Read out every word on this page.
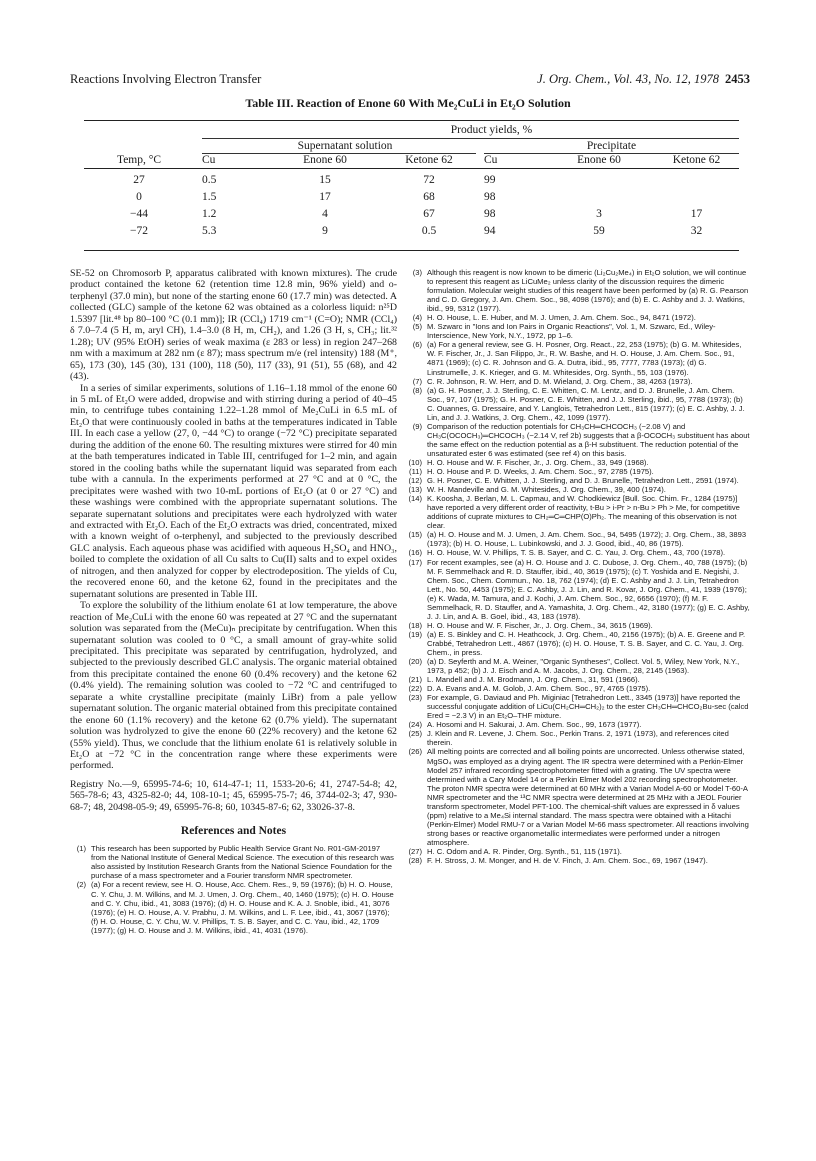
Reactions Involving Electron Transfer	J. Org. Chem., Vol. 43, No. 12, 1978 2453
Table III. Reaction of Enone 60 With Me₂CuLi in Et₂O Solution
Product yields, %
Supernatant solution	Precipitate
Temp, °C	Cu	Enone 60	Ketone 62	Cu	Enone 60	Ketone 62
27	0.5	15	72	99
0	1.5	17	68	98
−44	1.2	4	67	98	3	17
−72	5.3	9	0.5	94	59	32

SE-52 on Chromosorb P, apparatus calibrated with known mixtures). The crude product contained the ketone 62 (retention time 12.8 min, 96% yield) and o-terphenyl (37.0 min), but none of the starting enone 60 (17.7 min) was detected. A collected (GLC) sample of the ketone 62 was obtained as a colorless liquid: n²⁵D 1.5397 [lit.⁴⁸ bp 80–100 °C (0.1 mm)]; IR (CCl₄) 1719 cm⁻¹ (C=O); NMR (CCl₄) δ 7.0–7.4 (5 H, m, aryl CH), 1.4–3.0 (8 H, m, CH₂), and 1.26 (3 H, s, CH₃; lit.³² 1.28); UV (95% EtOH) series of weak maxima (ε 283 or less) in region 247–268 nm with a maximum at 282 nm (ε 87); mass spectrum m/e (rel intensity) 188 (M⁺, 65), 173 (30), 145 (30), 131 (100), 118 (50), 117 (33), 91 (51), 55 (68), and 42 (43).

In a series of similar experiments, solutions of 1.16–1.18 mmol of the enone 60 in 5 mL of Et₂O were added, dropwise and with stirring during a period of 40–45 min, to centrifuge tubes containing 1.22–1.28 mmol of Me₂CuLi in 6.5 mL of Et₂O that were continuously cooled in baths at the temperatures indicated in Table III. In each case a yellow (27, 0, −44 °C) to orange (−72 °C) precipitate separated during the addition of the enone 60. The resulting mixtures were stirred for 40 min at the bath temperatures indicated in Table III, centrifuged for 1–2 min, and again stored in the cooling baths while the supernatant liquid was separated from each tube with a cannula. In the experiments performed at 27 °C and at 0 °C, the precipitates were washed with two 10-mL portions of Et₂O (at 0 or 27 °C) and these washings were combined with the appropriate supernatant solutions. The separate supernatant solutions and precipitates were each hydrolyzed with water and extracted with Et₂O. Each of the Et₂O extracts was dried, concentrated, mixed with a known weight of o-terphenyl, and subjected to the previously described GLC analysis. Each aqueous phase was acidified with aqueous H₂SO₄ and HNO₃, boiled to complete the oxidation of all Cu salts to Cu(II) salts and to expel oxides of nitrogen, and then analyzed for copper by electrodeposition. The yields of Cu, the recovered enone 60, and the ketone 62, found in the precipitates and the supernatant solutions are presented in Table III.

To explore the solubility of the lithium enolate 61 at low temperature, the above reaction of Me₂CuLi with the enone 60 was repeated at 27 °C and the supernatant solution was separated from the (MeCu)ₙ precipitate by centrifugation. When this supernatant solution was cooled to 0 °C, a small amount of gray-white solid precipitated. This precipitate was separated by centrifugation, hydrolyzed, and subjected to the previously described GLC analysis. The organic material obtained from this precipitate contained the enone 60 (0.4% recovery) and the ketone 62 (0.4% yield). The remaining solution was cooled to −72 °C and centrifuged to separate a white crystalline precipitate (mainly LiBr) from a pale yellow supernatant solution. The organic material obtained from this precipitate contained the enone 60 (1.1% recovery) and the ketone 62 (0.7% yield). The supernatant solution was hydrolyzed to give the enone 60 (22% recovery) and the ketone 62 (55% yield). Thus, we conclude that the lithium enolate 61 is relatively soluble in Et₂O at −72 °C in the concentration range where these experiments were performed.

Registry No.—9, 65995-74-6; 10, 614-47-1; 11, 1533-20-6; 41, 2747-54-8; 42, 565-78-6; 43, 4325-82-0; 44, 108-10-1; 45, 65995-75-7; 46, 3744-02-3; 47, 930-68-7; 48, 20498-05-9; 49, 65995-76-8; 60, 10345-87-6; 62, 33026-37-8.

References and Notes
(1) This research has been supported by Public Health Service Grant No. R01-GM-20197 from the National Institute of General Medical Science. The execution of this research was also assisted by Institution Research Grants from the National Science Foundation for the purchase of a mass spectrometer and a Fourier transform NMR spectrometer.
(2) (a) For a recent review, see H. O. House, Acc. Chem. Res., 9, 59 (1976); (b) H. O. House, C. Y. Chu, J. M. Wilkins, and M. J. Umen, J. Org. Chem., 40, 1460 (1975); (c) H. O. House and C. Y. Chu, ibid., 41, 3083 (1976); (d) H. O. House and K. A. J. Snoble, ibid., 41, 3076 (1976); (e) H. O. House, A. V. Prabhu, J. M. Wilkins, and L. F. Lee, ibid., 41, 3067 (1976); (f) H. O. House, C. Y. Chu, W. V. Phillips, T. S. B. Sayer, and C. C. Yau, ibid., 42, 1709 (1977); (g) H. O. House and J. M. Wilkins, ibid., 41, 4031 (1976).
(3) Although this reagent is now known to be dimeric (Li₂Cu₂Me₄) in Et₂O solution, we will continue to represent this reagent as LiCuMe₂ unless clarity of the discussion requires the dimeric formulation. Molecular weight studies of this reagent have been performed by (a) R. G. Pearson and C. D. Gregory, J. Am. Chem. Soc., 98, 4098 (1976); and (b) E. C. Ashby and J. J. Watkins, ibid., 99, 5312 (1977).
(4) H. O. House, L. E. Huber, and M. J. Umen, J. Am. Chem. Soc., 94, 8471 (1972).
(5) M. Szwarc in "Ions and Ion Pairs in Organic Reactions", Vol. 1, M. Szwarc, Ed., Wiley-Interscience, New York, N.Y., 1972, pp 1–6.
(6) (a) For a general review, see G. H. Posner, Org. React., 22, 253 (1975); (b) G. M. Whitesides, W. F. Fischer, Jr., J. San Filippo, Jr., R. W. Bashe, and H. O. House, J. Am. Chem. Soc., 91, 4871 (1969); (c) C. R. Johnson and G. A. Dutra, ibid., 95, 7777, 7783 (1973); (d) G. Linstrumelle, J. K. Krieger, and G. M. Whitesides, Org. Synth., 55, 103 (1976).
(7) C. R. Johnson, R. W. Herr, and D. M. Wieland, J. Org. Chem., 38, 4263 (1973).
(8) (a) G. H. Posner, J. J. Sterling, C. E. Whitten, C. M. Lentz, and D. J. Brunelle, J. Am. Chem. Soc., 97, 107 (1975); G. H. Posner, C. E. Whitten, and J. J. Sterling, ibid., 95, 7788 (1973); (b) C. Ouannes, G. Dressaire, and Y. Langlois, Tetrahedron Lett., 815 (1977); (c) E. C. Ashby, J. J. Lin, and J. J. Watkins, J. Org. Chem., 42, 1099 (1977).
(9) Comparison of the reduction potentials for CH₃CH═CHCOCH₃ (−2.08 V) and CH₃C(OCOCH₃)═CHCOCH₃ (−2.14 V, ref 2b) suggests that a β-OCOCH₃ substituent has about the same effect on the reduction potential as a β-H substituent. The reduction potential of the unsaturated ester 6 was estimated (see ref 4) on this basis.
(10) H. O. House and W. F. Fischer, Jr., J. Org. Chem., 33, 949 (1968).
(11) H. O. House and P. D. Weeks, J. Am. Chem. Soc., 97, 2785 (1975).
(12) G. H. Posner, C. E. Whitten, J. J. Sterling, and D. J. Brunelle, Tetrahedron Lett., 2591 (1974).
(13) W. H. Mandeville and G. M. Whitesides, J. Org. Chem., 39, 400 (1974).
(14) K. Koosha, J. Berlan, M. L. Capmau, and W. Chodkiewicz [Bull. Soc. Chim. Fr., 1284 (1975)] have reported a very different order of reactivity, t-Bu > i-Pr > n-Bu > Ph > Me, for competitive additions of cuprate mixtures to CH₂═C═CHP(O)Ph₂. The meaning of this observation is not clear.
(15) (a) H. O. House and M. J. Umen, J. Am. Chem. Soc., 94, 5495 (1972); J. Org. Chem., 38, 3893 (1973); (b) H. O. House, L. Lubinkowski, and J. J. Good, ibid., 40, 86 (1975).
(16) H. O. House, W. V. Phillips, T. S. B. Sayer, and C. C. Yau, J. Org. Chem., 43, 700 (1978).
(17) For recent examples, see (a) H. O. House and J. C. Dubose, J. Org. Chem., 40, 788 (1975); (b) M. F. Semmelhack and R. D. Stauffer, ibid., 40, 3619 (1975); (c) T. Yoshida and E. Negishi, J. Chem. Soc., Chem. Commun., No. 18, 762 (1974); (d) E. C. Ashby and J. J. Lin, Tetrahedron Lett., No. 50, 4453 (1975); E. C. Ashby, J. J. Lin, and R. Kovar, J. Org. Chem., 41, 1939 (1976); (e) K. Wada, M. Tamura, and J. Kochi, J. Am. Chem. Soc., 92, 6656 (1970); (f) M. F. Semmelhack, R. D. Stauffer, and A. Yamashita, J. Org. Chem., 42, 3180 (1977); (g) E. C. Ashby, J. J. Lin, and A. B. Goel, ibid., 43, 183 (1978).
(18) H. O. House and W. F. Fischer, Jr., J. Org. Chem., 34, 3615 (1969).
(19) (a) E. S. Binkley and C. H. Heathcock, J. Org. Chem., 40, 2156 (1975); (b) A. E. Greene and P. Crabbé, Tetrahedron Lett., 4867 (1976); (c) H. O. House, T. S. B. Sayer, and C. C. Yau, J. Org. Chem., in press.
(20) (a) D. Seyferth and M. A. Weiner, "Organic Syntheses", Collect. Vol. 5, Wiley, New York, N.Y., 1973, p 452; (b) J. J. Eisch and A. M. Jacobs, J. Org. Chem., 28, 2145 (1963).
(21) L. Mandell and J. M. Brodmann, J. Org. Chem., 31, 591 (1966).
(22) D. A. Evans and A. M. Golob, J. Am. Chem. Soc., 97, 4765 (1975).
(23) For example, G. Daviaud and Ph. Miginiac [Tetrahedron Lett., 3345 (1973)] have reported the successful conjugate addition of LiCu(CH₂CH═CH₂)₂ to the ester CH₃CH═CHCO₂Bu-sec (calcd Ered = −2.3 V) in an Et₂O–THF mixture.
(24) A. Hosomi and H. Sakurai, J. Am. Chem. Soc., 99, 1673 (1977).
(25) J. Klein and R. Levene, J. Chem. Soc., Perkin Trans. 2, 1971 (1973), and references cited therein.
(26) All melting points are corrected and all boiling points are uncorrected. Unless otherwise stated, MgSO₄ was employed as a drying agent. The IR spectra were determined with a Perkin-Elmer Model 257 infrared recording spectrophotometer fitted with a grating. The UV spectra were determined with a Cary Model 14 or a Perkin Elmer Model 202 recording spectrophotometer. The proton NMR spectra were determined at 60 MHz with a Varian Model A-60 or Model T-60-A NMR spectrometer and the ¹³C NMR spectra were determined at 25 MHz with a JEOL Fourier transform spectrometer, Model PFT-100. The chemical-shift values are expressed in δ values (ppm) relative to a Me₄Si internal standard. The mass spectra were obtained with a Hitachi (Perkin-Elmer) Model RMU-7 or a Varian Model M-66 mass spectrometer. All reactions involving strong bases or reactive organometallic intermediates were performed under a nitrogen atmosphere.
(27) H. C. Odom and A. R. Pinder, Org. Synth., 51, 115 (1971).
(28) F. H. Stross, J. M. Monger, and H. de V. Finch, J. Am. Chem. Soc., 69, 1967 (1947).
